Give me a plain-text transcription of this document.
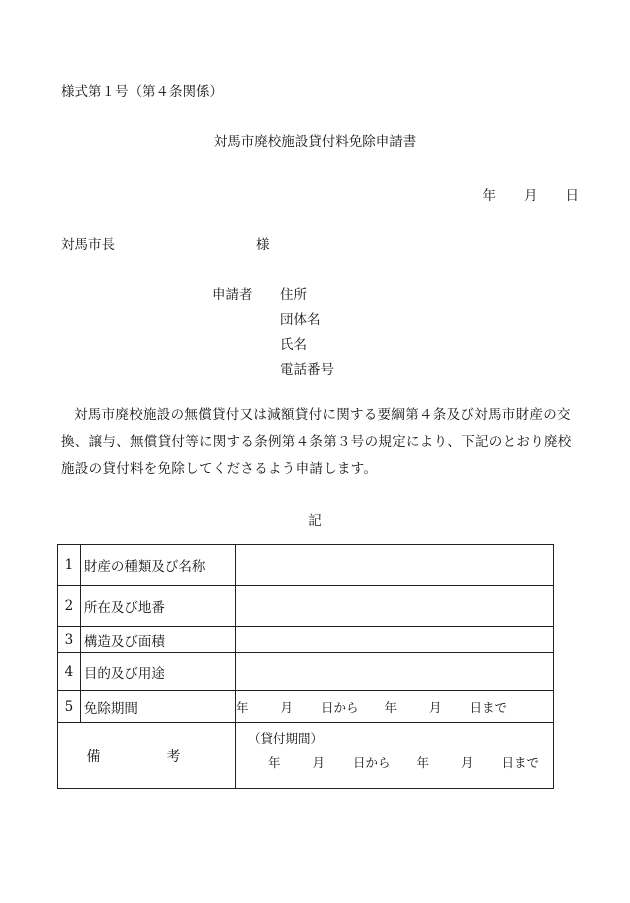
様式第１号（第４条関係）
対馬市廃校施設貸付料免除申請書
年 月 日
対馬市長	様
申請者 住所
団体名
氏名
電話番号
対馬市廃校施設の無償貸付又は減額貸付に関する要綱第４条及び対馬市財産の交換、譲与、無償貸付等に関する条例第４条第３号の規定により、下記のとおり廃校施設の貸付料を免除してくださるよう申請します。
記
1	財産の種類及び名称	
2	所在及び地番	
3	構造及び面積	
4	目的及び用途	
5	免除期間	年 月 日から 年 月 日まで
備　考		（貸付期間）
年 月 日から 年 月 日まで
